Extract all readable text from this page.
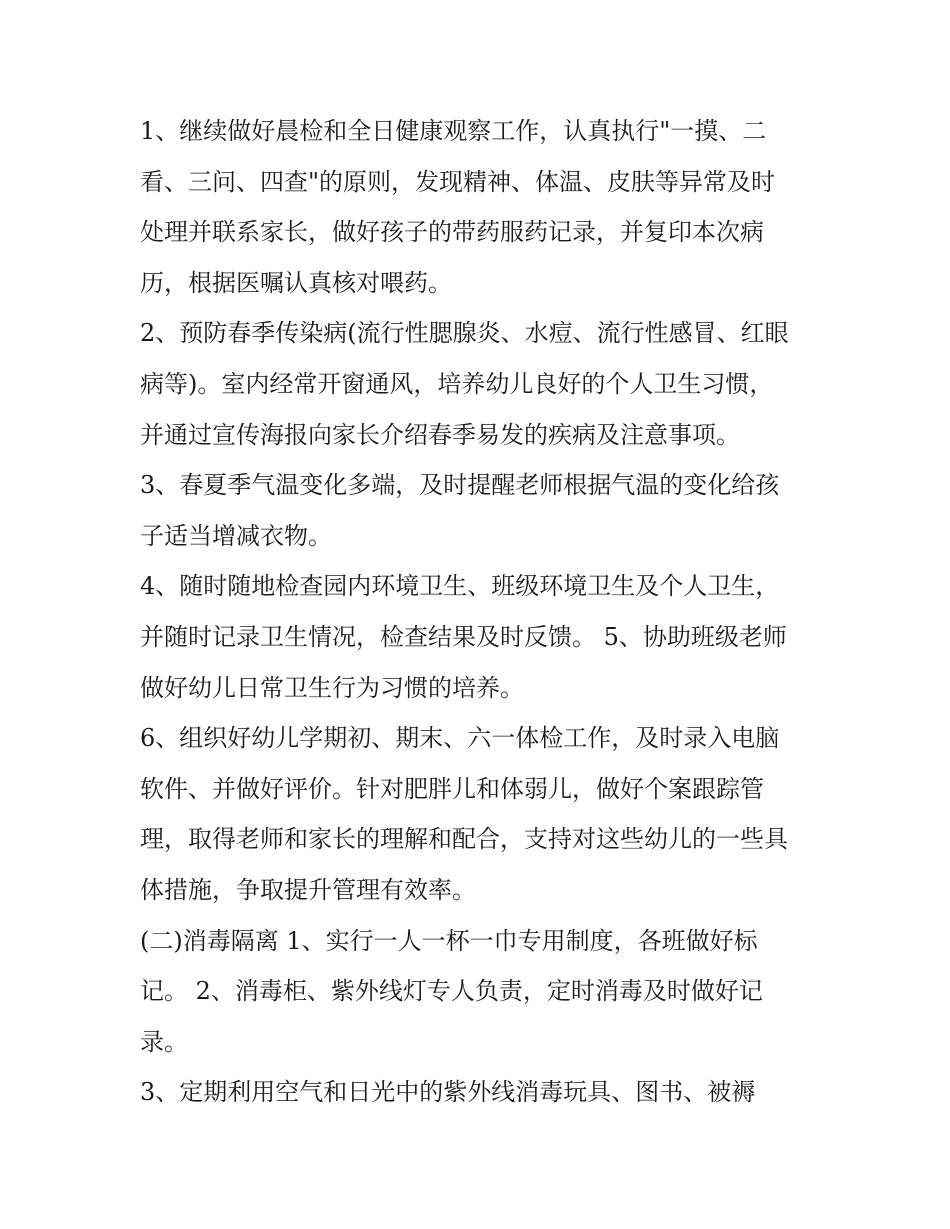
1、继续做好晨检和全日健康观察工作，认真执行"一摸、二
看、三问、四查"的原则，发现精神、体温、皮肤等异常及时
处理并联系家长，做好孩子的带药服药记录，并复印本次病
历，根据医嘱认真核对喂药。
2、预防春季传染病(流行性腮腺炎、水痘、流行性感冒、红眼
病等)。室内经常开窗通风，培养幼儿良好的个人卫生习惯，
并通过宣传海报向家长介绍春季易发的疾病及注意事项。
3、春夏季气温变化多端，及时提醒老师根据气温的变化给孩
子适当增减衣物。
4、随时随地检查园内环境卫生、班级环境卫生及个人卫生，
并随时记录卫生情况，检查结果及时反馈。 5、协助班级老师
做好幼儿日常卫生行为习惯的培养。
6、组织好幼儿学期初、期末、六一体检工作，及时录入电脑
软件、并做好评价。针对肥胖儿和体弱儿，做好个案跟踪管
理，取得老师和家长的理解和配合，支持对这些幼儿的一些具
体措施，争取提升管理有效率。
(二)消毒隔离 1、实行一人一杯一巾专用制度，各班做好标
记。 2、消毒柜、紫外线灯专人负责，定时消毒及时做好记
录。
3、定期利用空气和日光中的紫外线消毒玩具、图书、被褥
